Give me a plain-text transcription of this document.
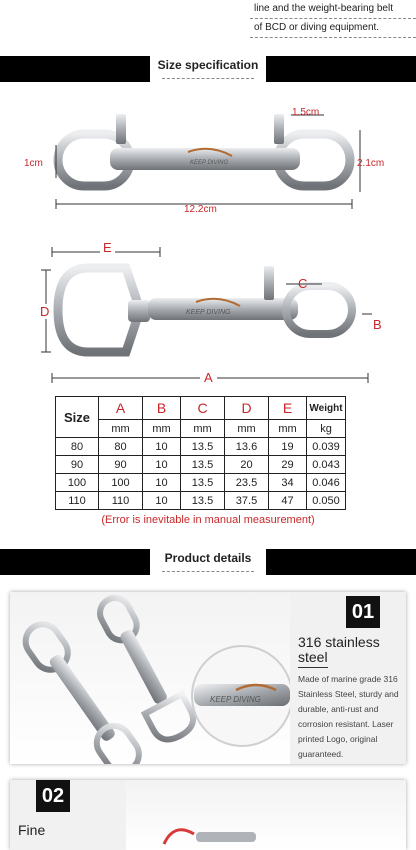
line and the weight-bearing belt
of BCD or diving equipment.
Size specification
KEEP DIVING
1.5cm
1cm	2.1cm
12.2cm
KEEP DIVING
E
D
C
B
A
Size	A	B	C	D	E	Weight
	mm	mm	mm	mm	mm	kg
80	80	10	13.5	13.6	19	0.039
90	90	10	13.5	20	29	0.043
100	100	10	13.5	23.5	34	0.046
110	110	10	13.5	37.5	47	0.050
(Error is inevitable in manual measurement)
Product details
KEEP DIVING
01
316 stainless
steel
Made of marine grade 316
Stainless Steel, sturdy and
durable, anti-rust and
corrosion resistant. Laser
printed Logo, original
guaranteed.
02
Fine
